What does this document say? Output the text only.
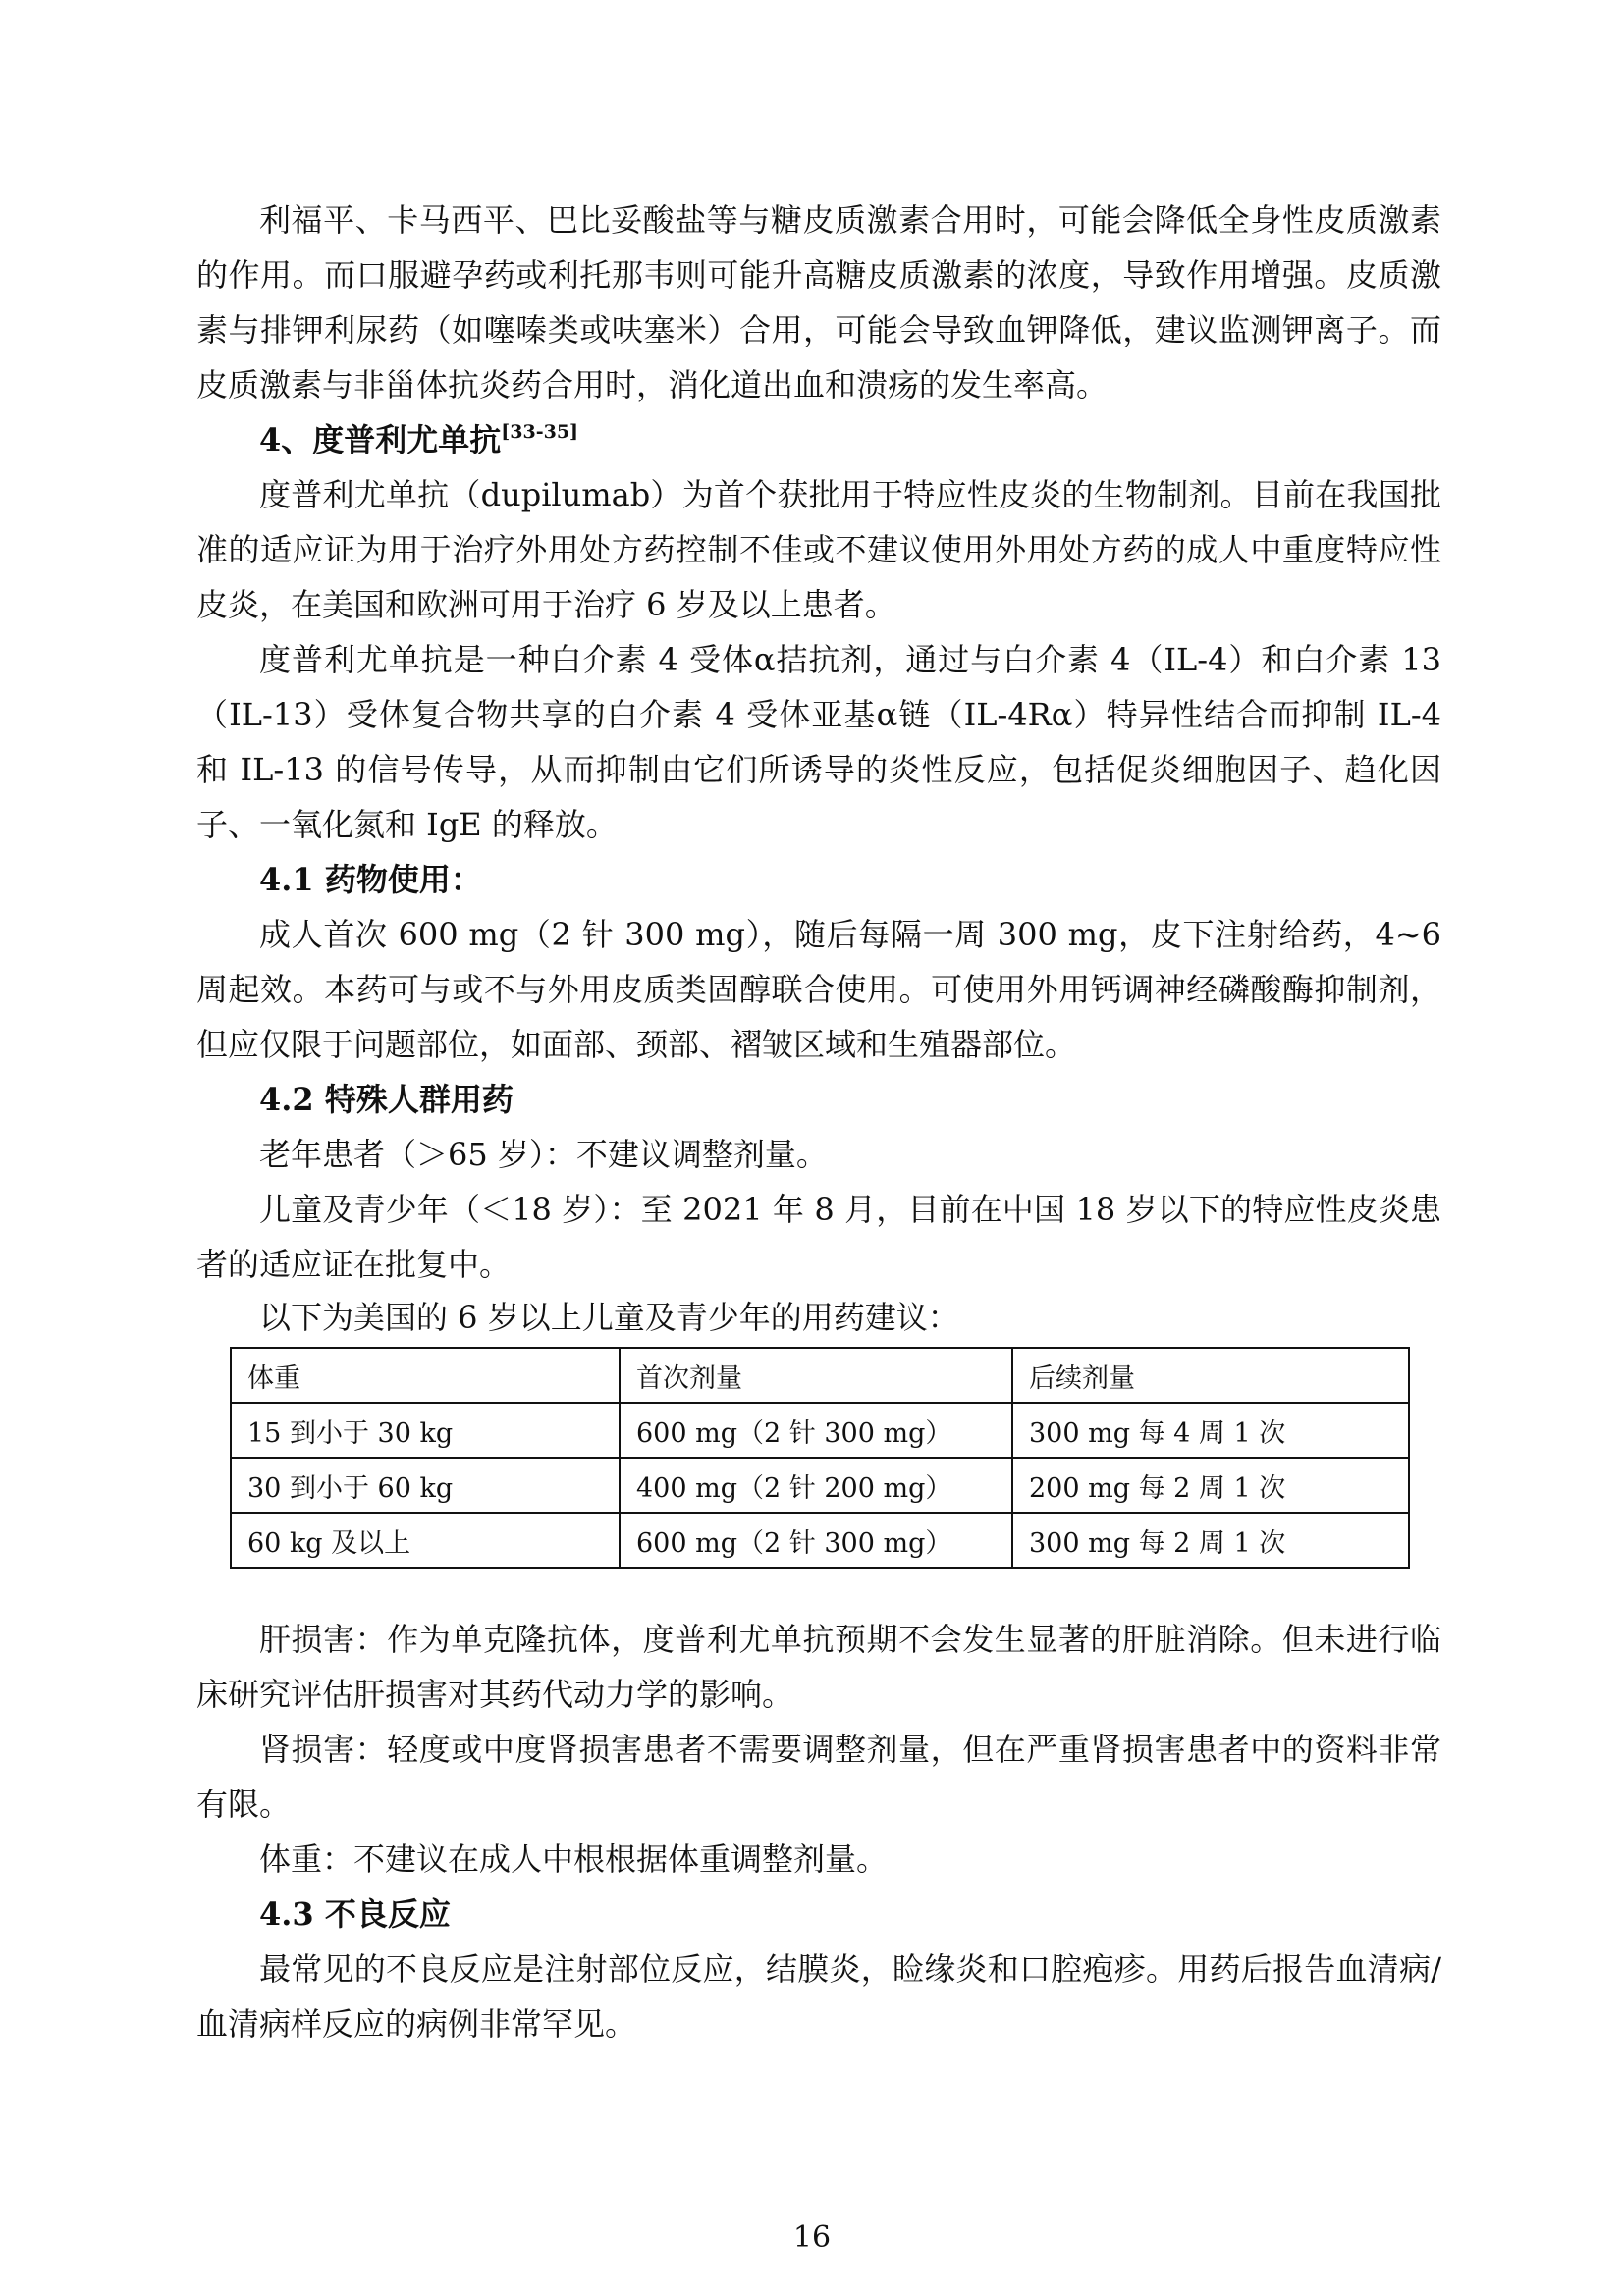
利福平、卡马西平、巴比妥酸盐等与糖皮质激素合用时，可能会降低全身性皮质激素的作用。而口服避孕药或利托那韦则可能升高糖皮质激素的浓度，导致作用增强。皮质激素与排钾利尿药（如噻嗪类或呋塞米）合用，可能会导致血钾降低，建议监测钾离子。而皮质激素与非甾体抗炎药合用时，消化道出血和溃疡的发生率高。

4、度普利尤单抗[33-35]

度普利尤单抗（dupilumab）为首个获批用于特应性皮炎的生物制剂。目前在我国批准的适应证为用于治疗外用处方药控制不佳或不建议使用外用处方药的成人中重度特应性皮炎，在美国和欧洲可用于治疗 6 岁及以上患者。

度普利尤单抗是一种白介素 4 受体α拮抗剂，通过与白介素 4（IL-4）和白介素 13（IL-13）受体复合物共享的白介素 4 受体亚基α链（IL-4Rα）特异性结合而抑制 IL-4 和 IL-13 的信号传导，从而抑制由它们所诱导的炎性反应，包括促炎细胞因子、趋化因子、一氧化氮和 IgE 的释放。

4.1 药物使用：

成人首次 600 mg（2 针 300 mg），随后每隔一周 300 mg，皮下注射给药，4~6 周起效。本药可与或不与外用皮质类固醇联合使用。可使用外用钙调神经磷酸酶抑制剂，但应仅限于问题部位，如面部、颈部、褶皱区域和生殖器部位。

4.2 特殊人群用药

老年患者（＞65 岁）：不建议调整剂量。

儿童及青少年（＜18 岁）：至 2021 年 8 月，目前在中国 18 岁以下的特应性皮炎患者的适应证在批复中。

以下为美国的 6 岁以上儿童及青少年的用药建议：

体重	首次剂量	后续剂量
15 到小于 30 kg	600 mg（2 针 300 mg）	300 mg 每 4 周 1 次
30 到小于 60 kg	400 mg（2 针 200 mg）	200 mg 每 2 周 1 次
60 kg 及以上	600 mg（2 针 300 mg）	300 mg 每 2 周 1 次

肝损害：作为单克隆抗体，度普利尤单抗预期不会发生显著的肝脏消除。但未进行临床研究评估肝损害对其药代动力学的影响。

肾损害：轻度或中度肾损害患者不需要调整剂量，但在严重肾损害患者中的资料非常有限。

体重：不建议在成人中根根据体重调整剂量。

4.3 不良反应

最常见的不良反应是注射部位反应，结膜炎，睑缘炎和口腔疱疹。用药后报告血清病/血清病样反应的病例非常罕见。

16
